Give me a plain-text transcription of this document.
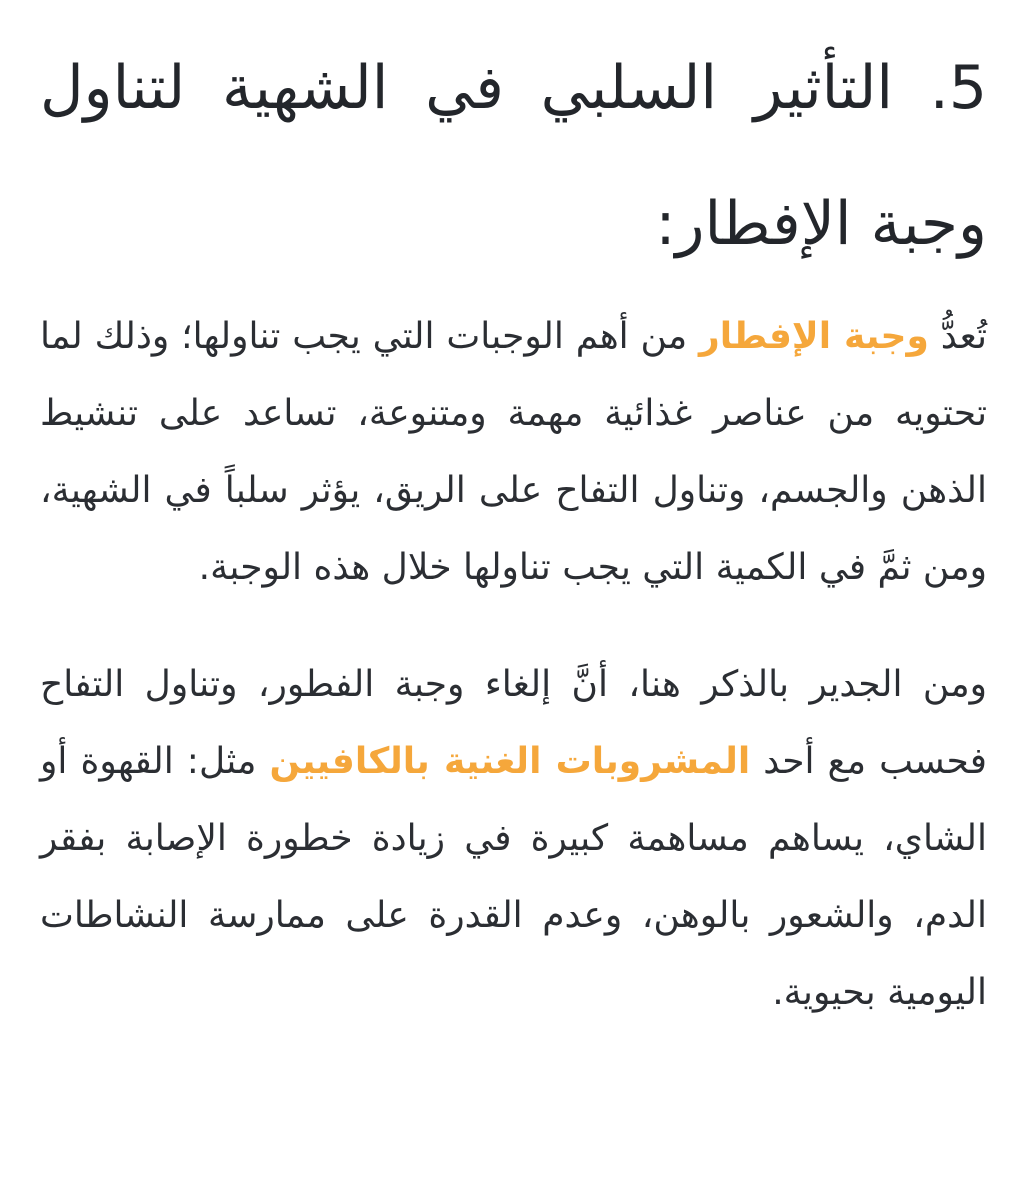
5. التأثير السلبي في الشهية لتناول وجبة الإفطار:

تُعدُّ وجبة الإفطار من أهم الوجبات التي يجب تناولها؛ وذلك لما تحتويه من عناصر غذائية مهمة ومتنوعة، تساعد على تنشيط الذهن والجسم، وتناول التفاح على الريق، يؤثر سلباً في الشهية، ومن ثمَّ في الكمية التي يجب تناولها خلال هذه الوجبة.

ومن الجدير بالذكر هنا، أنَّ إلغاء وجبة الفطور، وتناول التفاح فحسب مع أحد المشروبات الغنية بالكافيين مثل: القهوة أو الشاي، يساهم مساهمة كبيرة في زيادة خطورة الإصابة بفقر الدم، والشعور بالوهن، وعدم القدرة على ممارسة النشاطات اليومية بحيوية.
